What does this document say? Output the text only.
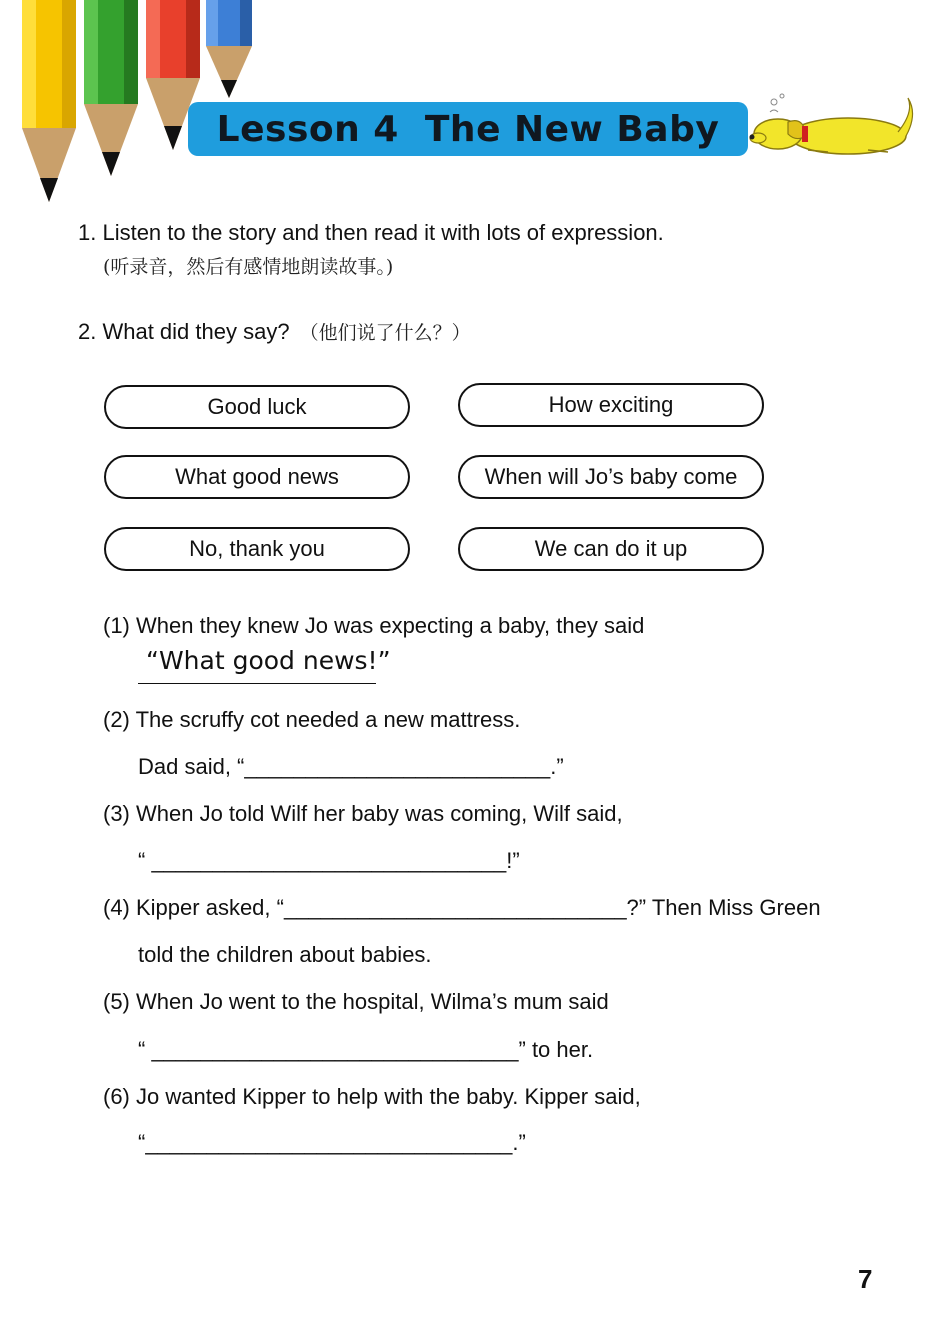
Lesson 4  The New Baby
1. Listen to the story and then read it with lots of expression.
(听录音，然后有感情地朗读故事。)
2. What did they say? （他们说了什么？）
Good luck	How exciting
What good news	When will Jo’s baby come
No, thank you	We can do it up
(1) When they knew Jo was expecting a baby, they said
“What good news!”
(2) The scruffy cot needed a new mattress.
Dad said, “_________________________.”
(3) When Jo told Wilf her baby was coming, Wilf said,
“ _____________________________!”
(4) Kipper asked, “____________________________?” Then Miss Green
told the children about babies.
(5) When Jo went to the hospital, Wilma’s mum said
“ ______________________________” to her.
(6) Jo wanted Kipper to help with the baby. Kipper said,
“______________________________.”
7
